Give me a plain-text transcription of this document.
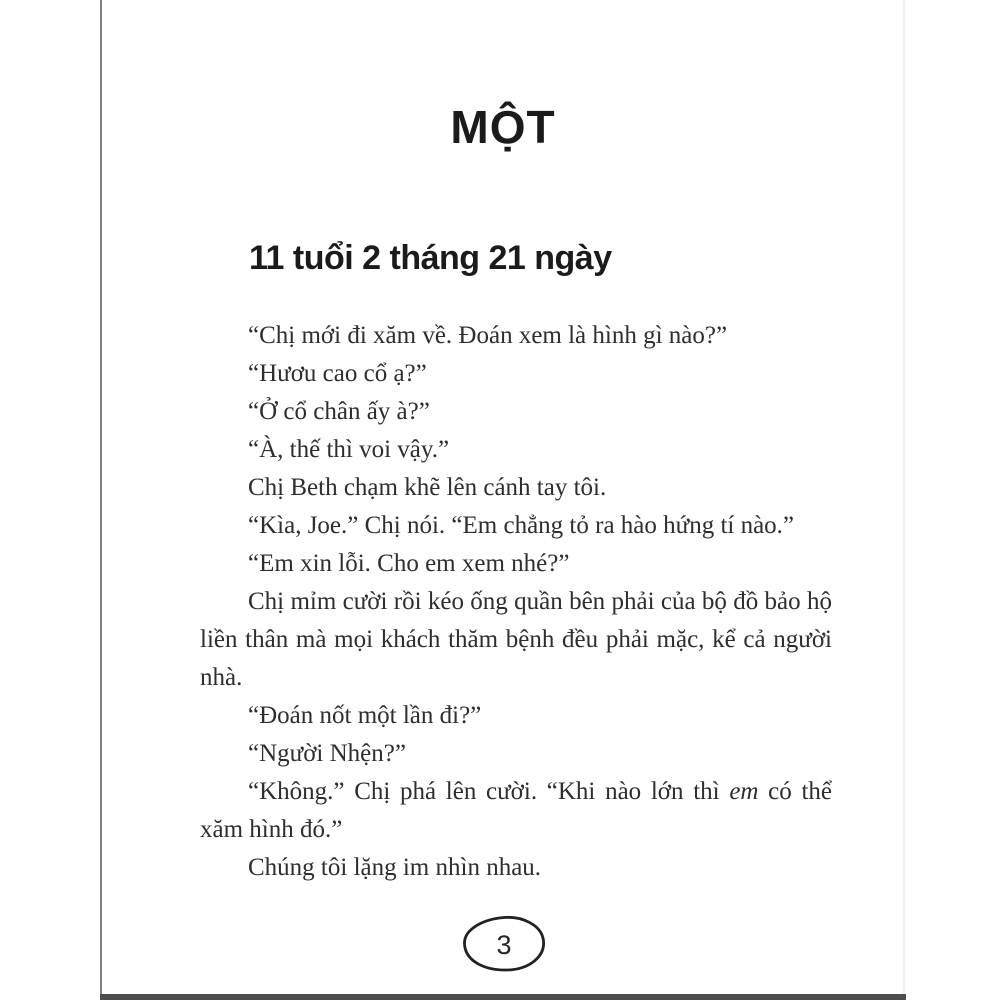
MỘT
11 tuổi 2 tháng 21 ngày

“Chị mới đi xăm về. Đoán xem là hình gì nào?”

“Hươu cao cổ ạ?”

“Ở cổ chân ấy à?”

“À, thế thì voi vậy.”

Chị Beth chạm khẽ lên cánh tay tôi.

“Kìa, Joe.” Chị nói. “Em chẳng tỏ ra hào hứng tí nào.”

“Em xin lỗi. Cho em xem nhé?”

Chị mỉm cười rồi kéo ống quần bên phải của bộ đồ bảo hộ liền thân mà mọi khách thăm bệnh đều phải mặc, kể cả người nhà.

“Đoán nốt một lần đi?”

“Người Nhện?”

“Không.” Chị phá lên cười. “Khi nào lớn thì em có thể xăm hình đó.”

Chúng tôi lặng im nhìn nhau.

3
